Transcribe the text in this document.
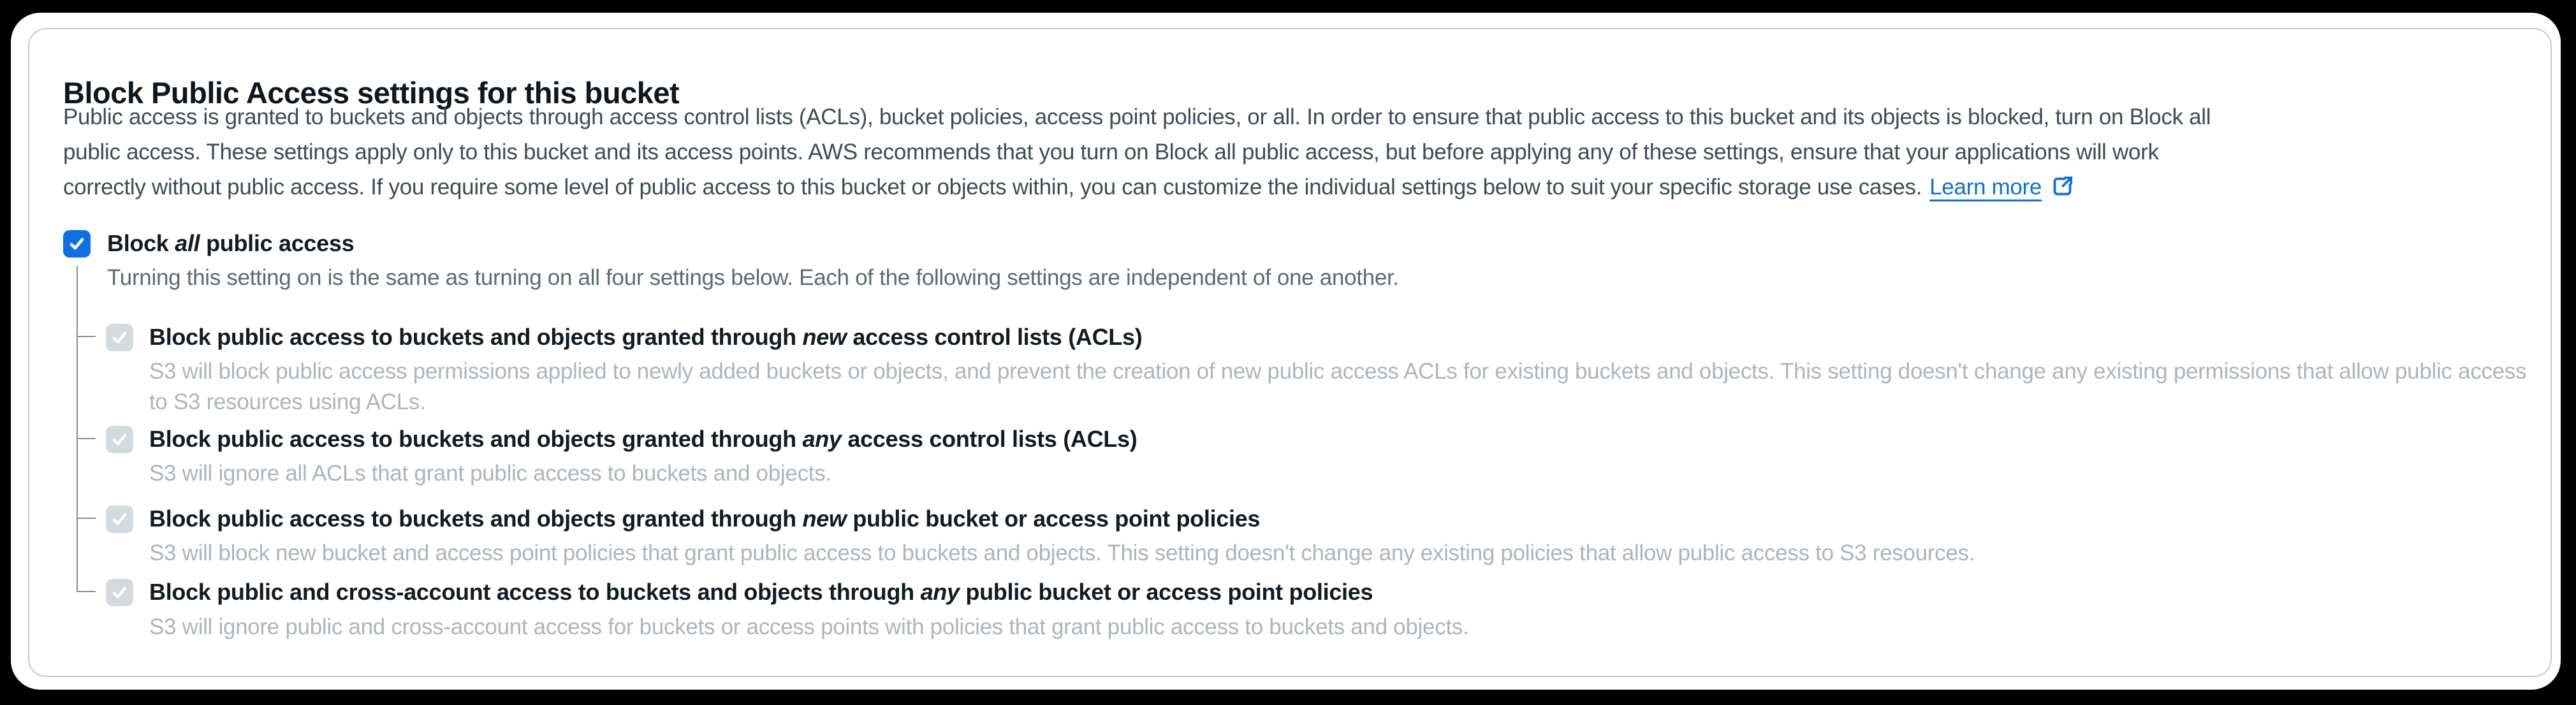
Block Public Access settings for this bucket
Public access is granted to buckets and objects through access control lists (ACLs), bucket policies, access point policies, or all. In order to ensure that public access to this bucket and its objects is blocked, turn on Block all
public access. These settings apply only to this bucket and its access points. AWS recommends that you turn on Block all public access, but before applying any of these settings, ensure that your applications will work
correctly without public access. If you require some level of public access to this bucket or objects within, you can customize the individual settings below to suit your specific storage use cases. Learn more
Block all public access
Turning this setting on is the same as turning on all four settings below. Each of the following settings are independent of one another.
Block public access to buckets and objects granted through new access control lists (ACLs)
S3 will block public access permissions applied to newly added buckets or objects, and prevent the creation of new public access ACLs for existing buckets and objects. This setting doesn't change any existing permissions that allow public access to S3 resources using ACLs.
Block public access to buckets and objects granted through any access control lists (ACLs)
S3 will ignore all ACLs that grant public access to buckets and objects.
Block public access to buckets and objects granted through new public bucket or access point policies
S3 will block new bucket and access point policies that grant public access to buckets and objects. This setting doesn't change any existing policies that allow public access to S3 resources.
Block public and cross-account access to buckets and objects through any public bucket or access point policies
S3 will ignore public and cross-account access for buckets or access points with policies that grant public access to buckets and objects.
